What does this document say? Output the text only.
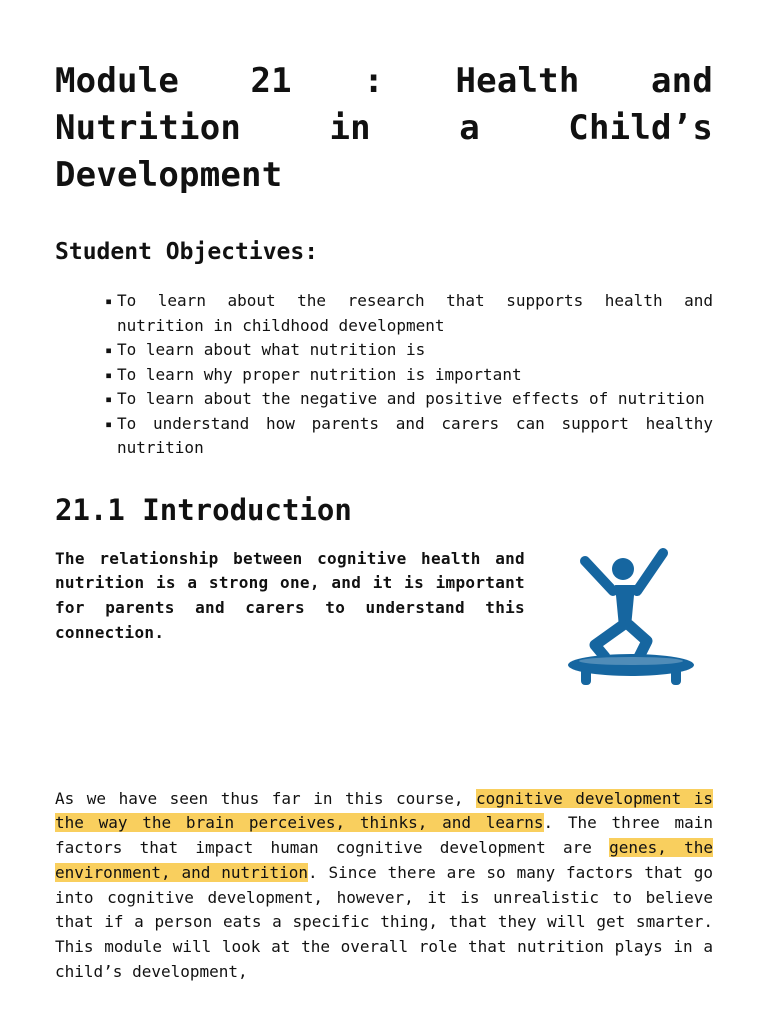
Module 21 : Health and Nutrition in a Child’s Development
Student Objectives:
▪ To learn about the research that supports health and nutrition in childhood development
▪ To learn about what nutrition is
▪ To learn why proper nutrition is important
▪ To learn about the negative and positive effects of nutrition
▪ To understand how parents and carers can support healthy nutrition
21.1 Introduction

The relationship between cognitive health and nutrition is a strong one, and it is important for parents and carers to understand this connection.

As we have seen thus far in this course, cognitive development is the way the brain perceives, thinks, and learns. The three main factors that impact human cognitive development are genes, the environment, and nutrition. Since there are so many factors that go into cognitive development, however, it is unrealistic to believe that if a person eats a specific thing, that they will get smarter. This module will look at the overall role that nutrition plays in a child’s development,
